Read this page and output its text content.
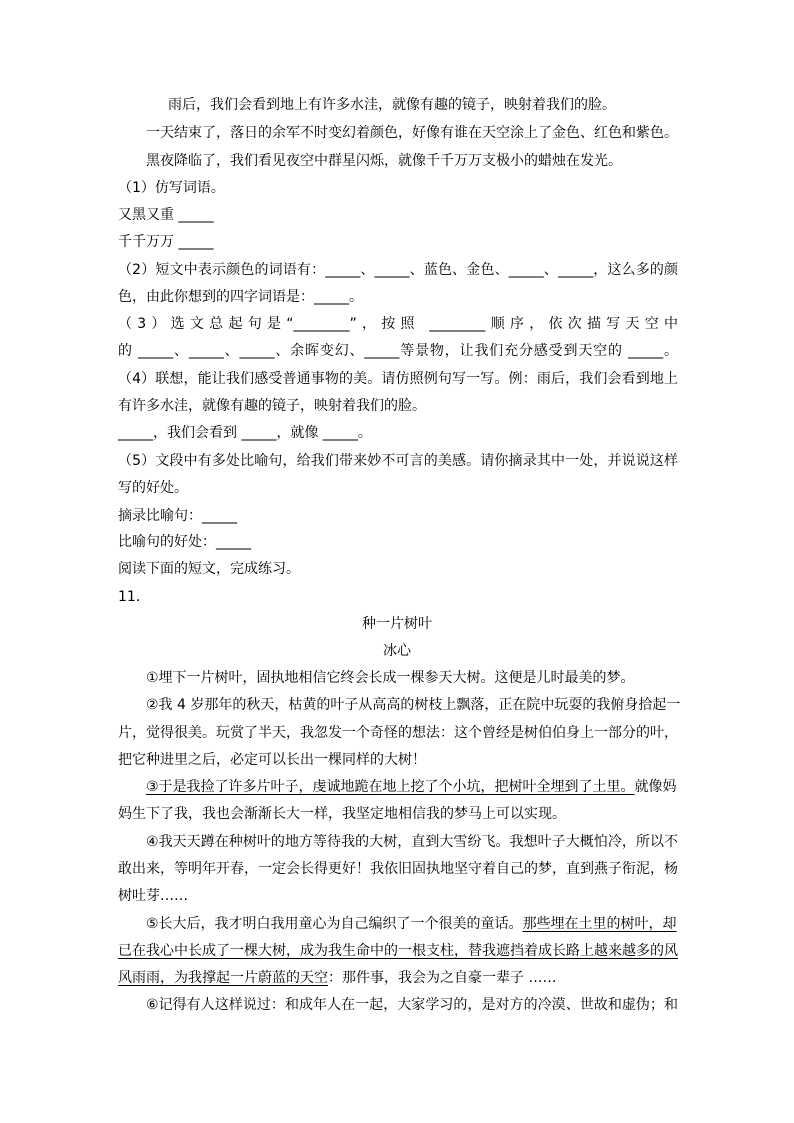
雨后，我们会看到地上有许多水洼，就像有趣的镜子，映射着我们的脸。
一天结束了，落日的余军不时变幻着颜色，好像有谁在天空涂上了金色、红色和紫色。
黑夜降临了，我们看见夜空中群星闪烁，就像千千万万支极小的蜡烛在发光。
（1）仿写词语。
又黑又重 _____
千千万万 _____
（2）短文中表示颜色的词语有：_____、_____、蓝色、金色、_____、_____，这么多的颜
色，由此你想到的四字词语是：_____。
（3）选文总起句是“________”，按照 ________顺序，依次描写天空中
的 _____、_____、_____、余晖变幻、_____等景物，让我们充分感受到天空的 _____。
（4）联想，能让我们感受普通事物的美。请仿照例句写一写。例：雨后，我们会看到地上
有许多水洼，就像有趣的镜子，映射着我们的脸。
_____，我们会看到 _____，就像 _____。
（5）文段中有多处比喻句，给我们带来妙不可言的美感。请你摘录其中一处，并说说这样
写的好处。
摘录比喻句：_____
比喻句的好处：_____
阅读下面的短文，完成练习。
11．
种一片树叶
冰心
①埋下一片树叶，固执地相信它终会长成一棵参天大树。这便是儿时最美的梦。
②我 4 岁那年的秋天，枯黄的叶子从高高的树枝上飘落，正在院中玩耍的我俯身拾起一
片，觉得很美。玩赏了半天，我忽发一个奇怪的想法：这个曾经是树伯伯身上一部分的叶，
把它种进里之后，必定可以长出一棵同样的大树！
③于是我捡了许多片叶子，虔诚地跪在地上挖了个小坑，把树叶全埋到了土里。就像妈
妈生下了我，我也会渐渐长大一样，我坚定地相信我的梦马上可以实现。
④我天天蹲在种树叶的地方等待我的大树，直到大雪纷飞。我想叶子大概怕冷，所以不
敢出来，等明年开春，一定会长得更好！我依旧固执地坚守着自己的梦，直到燕子衔泥，杨
树吐芽……
⑤长大后，我才明白我用童心为自己编织了一个很美的童话。那些埋在土里的树叶，却
已在我心中长成了一棵大树，成为我生命中的一根支柱，替我遮挡着成长路上越来越多的风
风雨雨，为我撑起一片蔚蓝的天空：那件事，我会为之自豪一辈子 ……
⑥记得有人这样说过：和成年人在一起，大家学习的，是对方的冷漠、世故和虚伪；和
